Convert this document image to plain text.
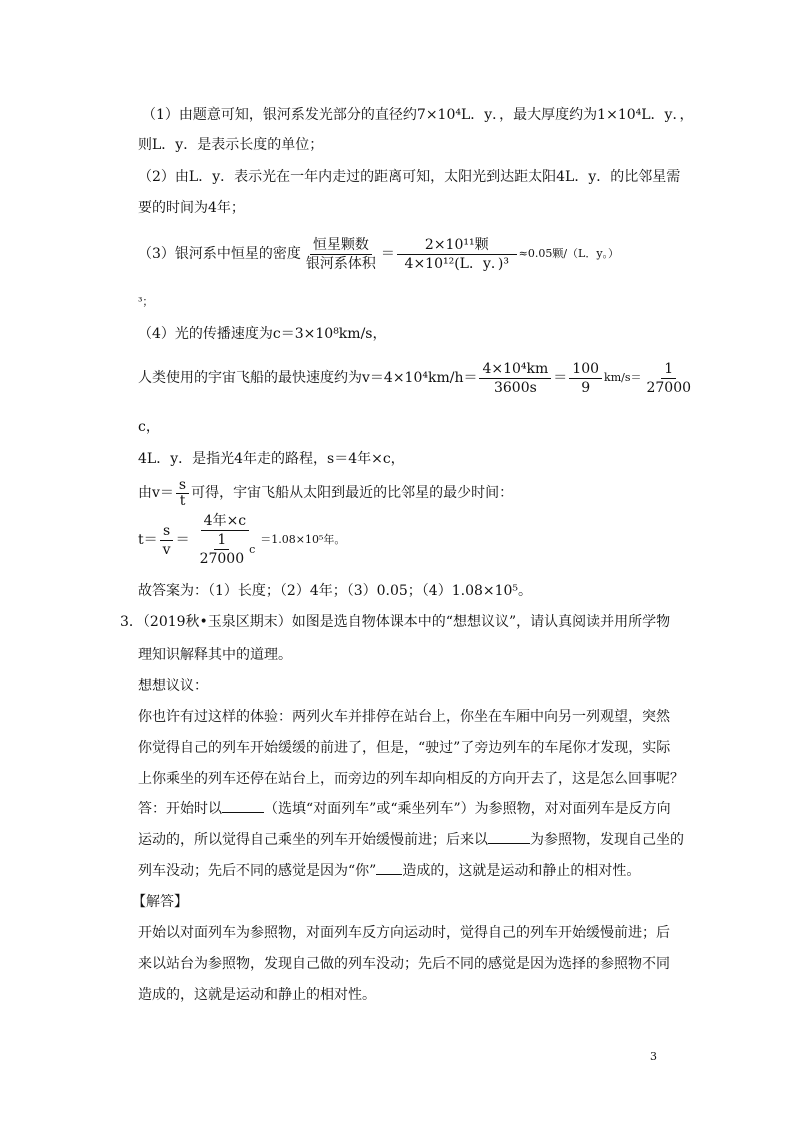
（1）由题意可知，银河系发光部分的直径约7×10⁴L．y．，最大厚度约为1×10⁴L．y．，
则L．y．是表示长度的单位；
（2）由L．y．表示光在一年内走过的距离可知，太阳光到达距太阳4L．y．的比邻星需
要的时间为4年；
（3）银河系中恒星的密度 $\frac{\text{恒星颗数}}{\text{银河系体积}} = \frac{\text{2×10¹¹颗}}{\text{4×10¹²(L．y．)³}} \approx 0.05$颗/（L．y。）
³；
（4）光的传播速度为c＝3×10⁸km/s，
人类使用的宇宙飞船的最快速度约为$v=4\times 10^4km/h= \frac{\text{4×10⁴km}}{3600s} = \frac{100}{9} km/s= \frac{1}{27000}$
c，
4L．y．是指光4年走的路程，s＝4年×c，
由$v= \frac{s}{t}$ 可得，宇宙飞船从太阳到最近的比邻星的最少时间：
$t= \frac{s}{v} = \frac{\text{4年×c}}{\frac{1}{27000} c} =1.08\times 10^5$年。
故答案为：（1）长度；（2）4年；（3）0.05；（4）1.08×10⁵。
3．（2019秋•玉泉区期末）如图是选自物体课本中的“想想议议”，请认真阅读并用所学物
理知识解释其中的道理。
想想议议：
你也许有过这样的体验：两列火车并排停在站台上，你坐在车厢中向另一列观望，突然
你觉得自己的列车开始缓缓的前进了，但是，“驶过”了旁边列车的车尾你才发现，实际
上你乘坐的列车还停在站台上，而旁边的列车却向相反的方向开去了，这是怎么回事呢？
答：开始时以	（选填“对面列车”或“乘坐列车”）为参照物，对对面列车是反方向
运动的，所以觉得自己乘坐的列车开始缓慢前进；后来以	为参照物，发现自己坐的
列车没动；先后不同的感觉是因为“你” 造成的，这就是运动和静止的相对性。
【解答】
开始以对面列车为参照物，对面列车反方向运动时，觉得自己的列车开始缓慢前进；后
来以站台为参照物，发现自己做的列车没动；先后不同的感觉是因为选择的参照物不同
造成的，这就是运动和静止的相对性。
3
